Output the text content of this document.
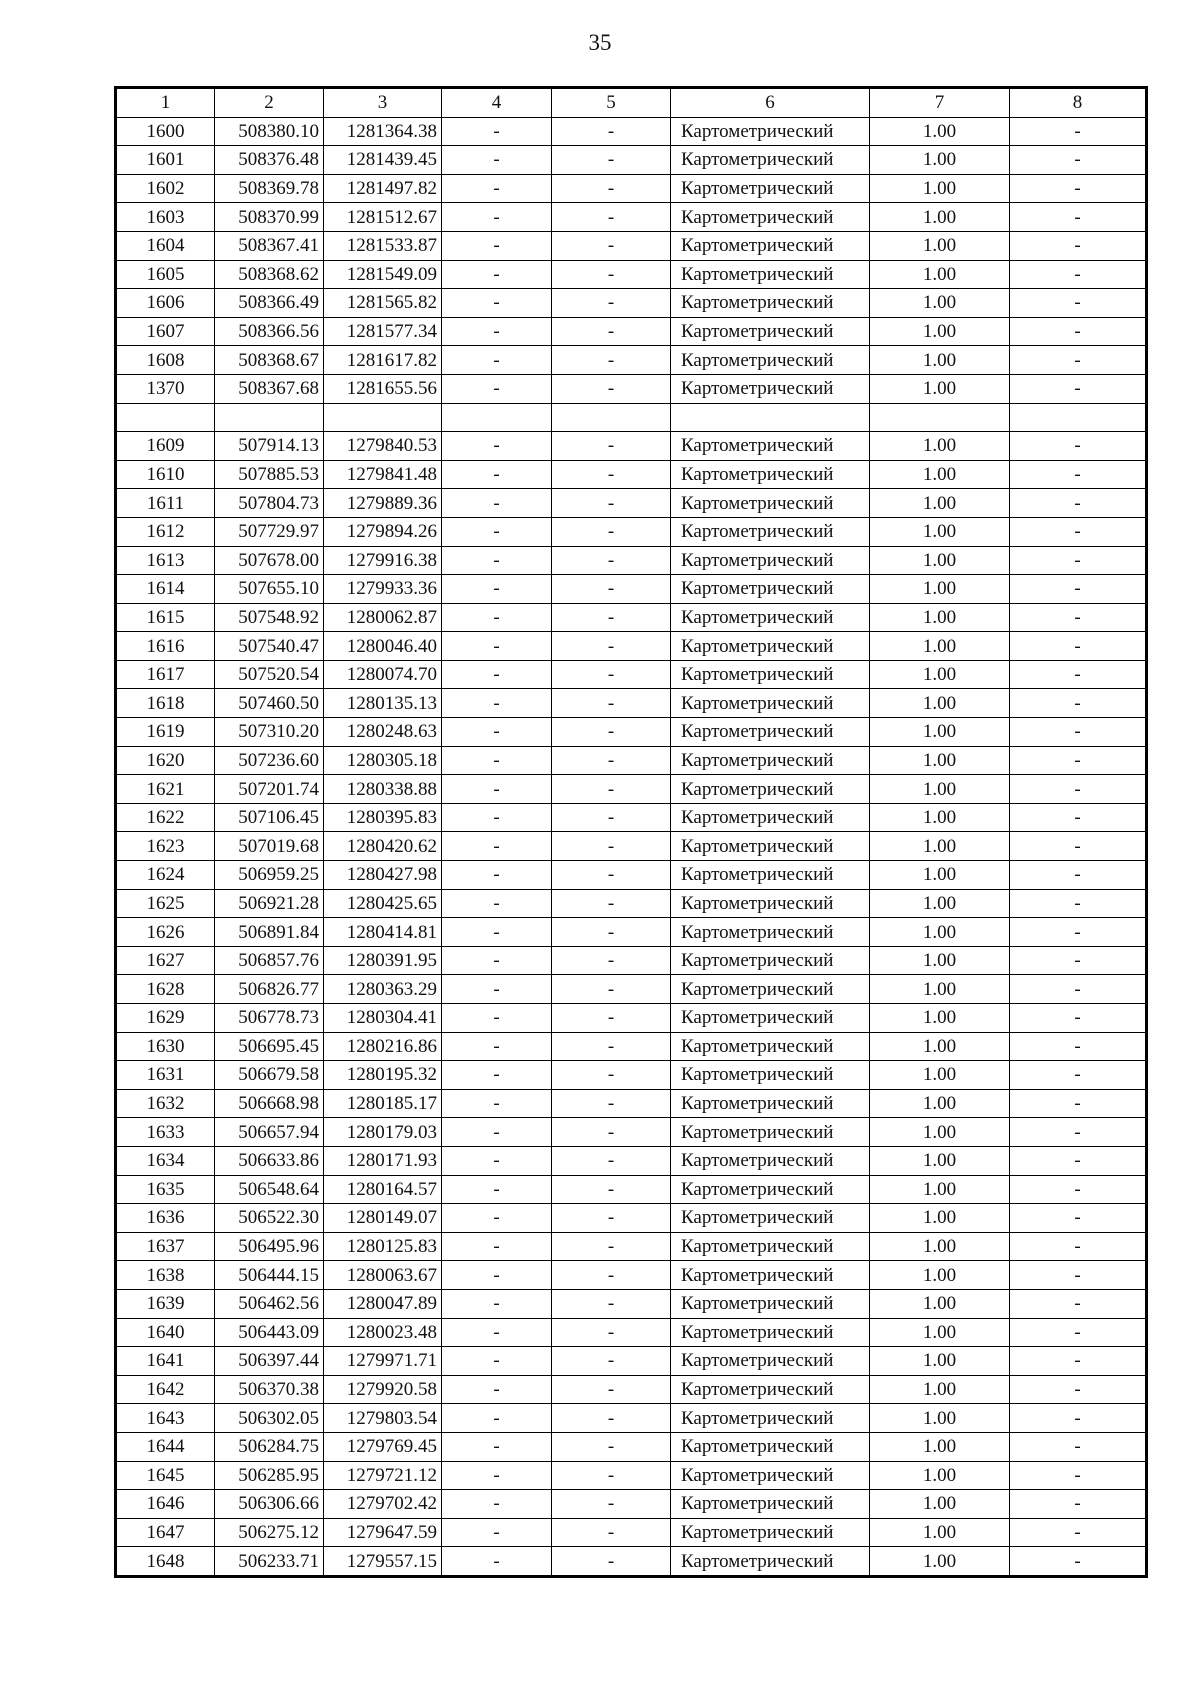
35
1	2	3	4	5	6	7	8
1600	508380.10	1281364.38	-	-	Картометрический	1.00	-
1601	508376.48	1281439.45	-	-	Картометрический	1.00	-
1602	508369.78	1281497.82	-	-	Картометрический	1.00	-
1603	508370.99	1281512.67	-	-	Картометрический	1.00	-
1604	508367.41	1281533.87	-	-	Картометрический	1.00	-
1605	508368.62	1281549.09	-	-	Картометрический	1.00	-
1606	508366.49	1281565.82	-	-	Картометрический	1.00	-
1607	508366.56	1281577.34	-	-	Картометрический	1.00	-
1608	508368.67	1281617.82	-	-	Картометрический	1.00	-
1370	508367.68	1281655.56	-	-	Картометрический	1.00	-

1609	507914.13	1279840.53	-	-	Картометрический	1.00	-
1610	507885.53	1279841.48	-	-	Картометрический	1.00	-
1611	507804.73	1279889.36	-	-	Картометрический	1.00	-
1612	507729.97	1279894.26	-	-	Картометрический	1.00	-
1613	507678.00	1279916.38	-	-	Картометрический	1.00	-
1614	507655.10	1279933.36	-	-	Картометрический	1.00	-
1615	507548.92	1280062.87	-	-	Картометрический	1.00	-
1616	507540.47	1280046.40	-	-	Картометрический	1.00	-
1617	507520.54	1280074.70	-	-	Картометрический	1.00	-
1618	507460.50	1280135.13	-	-	Картометрический	1.00	-
1619	507310.20	1280248.63	-	-	Картометрический	1.00	-
1620	507236.60	1280305.18	-	-	Картометрический	1.00	-
1621	507201.74	1280338.88	-	-	Картометрический	1.00	-
1622	507106.45	1280395.83	-	-	Картометрический	1.00	-
1623	507019.68	1280420.62	-	-	Картометрический	1.00	-
1624	506959.25	1280427.98	-	-	Картометрический	1.00	-
1625	506921.28	1280425.65	-	-	Картометрический	1.00	-
1626	506891.84	1280414.81	-	-	Картометрический	1.00	-
1627	506857.76	1280391.95	-	-	Картометрический	1.00	-
1628	506826.77	1280363.29	-	-	Картометрический	1.00	-
1629	506778.73	1280304.41	-	-	Картометрический	1.00	-
1630	506695.45	1280216.86	-	-	Картометрический	1.00	-
1631	506679.58	1280195.32	-	-	Картометрический	1.00	-
1632	506668.98	1280185.17	-	-	Картометрический	1.00	-
1633	506657.94	1280179.03	-	-	Картометрический	1.00	-
1634	506633.86	1280171.93	-	-	Картометрический	1.00	-
1635	506548.64	1280164.57	-	-	Картометрический	1.00	-
1636	506522.30	1280149.07	-	-	Картометрический	1.00	-
1637	506495.96	1280125.83	-	-	Картометрический	1.00	-
1638	506444.15	1280063.67	-	-	Картометрический	1.00	-
1639	506462.56	1280047.89	-	-	Картометрический	1.00	-
1640	506443.09	1280023.48	-	-	Картометрический	1.00	-
1641	506397.44	1279971.71	-	-	Картометрический	1.00	-
1642	506370.38	1279920.58	-	-	Картометрический	1.00	-
1643	506302.05	1279803.54	-	-	Картометрический	1.00	-
1644	506284.75	1279769.45	-	-	Картометрический	1.00	-
1645	506285.95	1279721.12	-	-	Картометрический	1.00	-
1646	506306.66	1279702.42	-	-	Картометрический	1.00	-
1647	506275.12	1279647.59	-	-	Картометрический	1.00	-
1648	506233.71	1279557.15	-	-	Картометрический	1.00	-
